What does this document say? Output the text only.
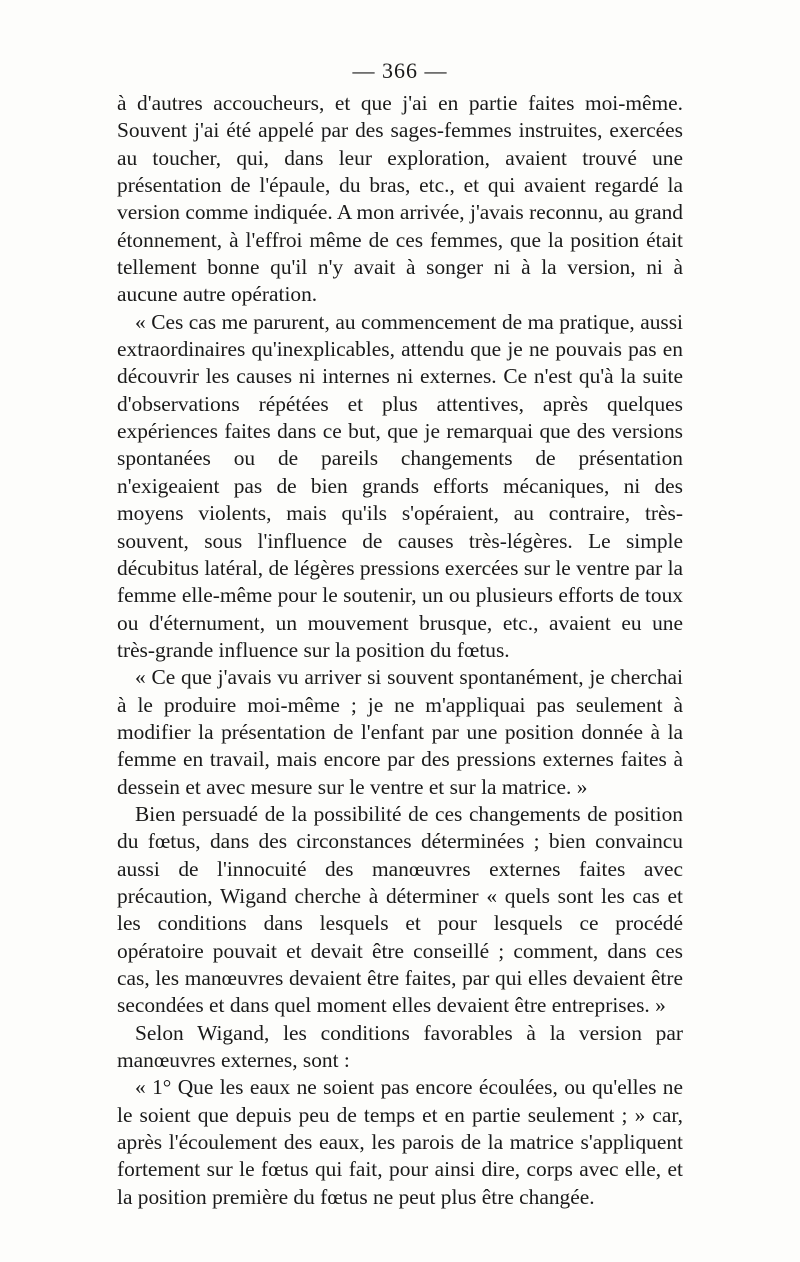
— 366 —

à d'autres accoucheurs, et que j'ai en partie faites moi-même. Souvent j'ai été appelé par des sages-femmes instruites, exercées au toucher, qui, dans leur exploration, avaient trouvé une présentation de l'épaule, du bras, etc., et qui avaient regardé la version comme indiquée. A mon arrivée, j'avais reconnu, au grand étonnement, à l'effroi même de ces femmes, que la position était tellement bonne qu'il n'y avait à songer ni à la version, ni à aucune autre opération.

« Ces cas me parurent, au commencement de ma pratique, aussi extraordinaires qu'inexplicables, attendu que je ne pouvais pas en découvrir les causes ni internes ni externes. Ce n'est qu'à la suite d'observations répétées et plus attentives, après quelques expériences faites dans ce but, que je remarquai que des versions spontanées ou de pareils changements de présentation n'exigeaient pas de bien grands efforts mécaniques, ni des moyens violents, mais qu'ils s'opéraient, au contraire, très-souvent, sous l'influence de causes très-légères. Le simple décubitus latéral, de légères pressions exercées sur le ventre par la femme elle-même pour le soutenir, un ou plusieurs efforts de toux ou d'éternument, un mouvement brusque, etc., avaient eu une très-grande influence sur la position du fœtus.

« Ce que j'avais vu arriver si souvent spontanément, je cherchai à le produire moi-même ; je ne m'appliquai pas seulement à modifier la présentation de l'enfant par une position donnée à la femme en travail, mais encore par des pressions externes faites à dessein et avec mesure sur le ventre et sur la matrice. »

Bien persuadé de la possibilité de ces changements de position du fœtus, dans des circonstances déterminées ; bien convaincu aussi de l'innocuité des manœuvres externes faites avec précaution, Wigand cherche à déterminer « quels sont les cas et les conditions dans lesquels et pour lesquels ce procédé opératoire pouvait et devait être conseillé ; comment, dans ces cas, les manœuvres devaient être faites, par qui elles devaient être secondées et dans quel moment elles devaient être entreprises. »

Selon Wigand, les conditions favorables à la version par manœuvres externes, sont :

« 1° Que les eaux ne soient pas encore écoulées, ou qu'elles ne le soient que depuis peu de temps et en partie seulement ; » car, après l'écoulement des eaux, les parois de la matrice s'appliquent fortement sur le fœtus qui fait, pour ainsi dire, corps avec elle, et la position première du fœtus ne peut plus être changée.
